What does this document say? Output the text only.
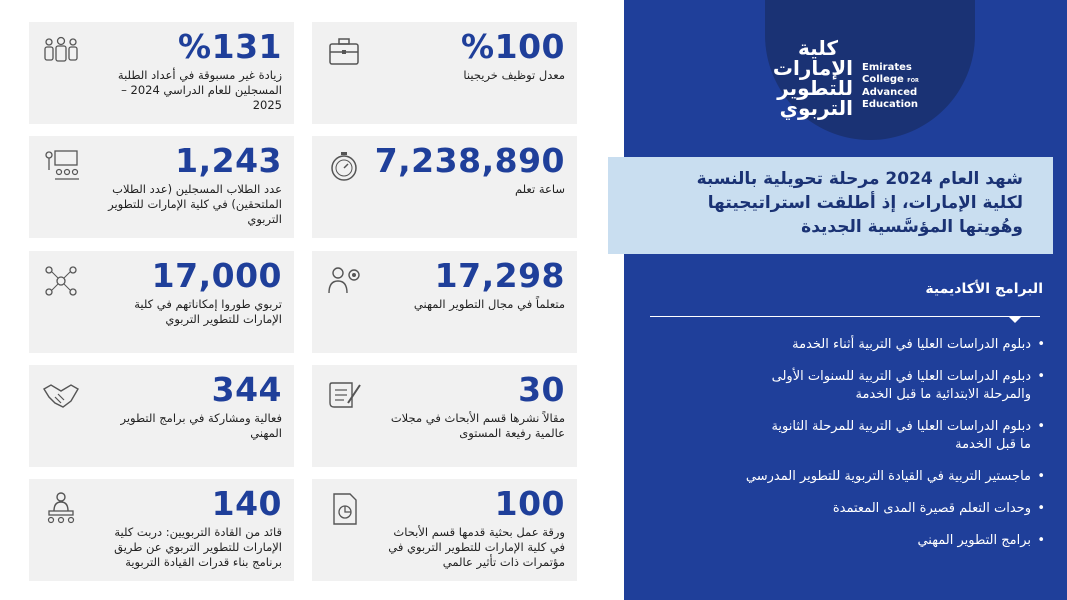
%100
معدل توظيف خريجينا
%131
زيادة غير مسبوقة في أعداد الطلبة المسجلين للعام الدراسي 2024 – 2025
7,238,890
ساعة تعلم
1,243
عدد الطلاب المسجلين (عدد الطلاب الملتحقين) في كلية الإمارات للتطوير التربوي
17,298
متعلماً في مجال التطوير المهني
17,000
تربوي طوروا إمكاناتهم في كلية الإمارات للتطوير التربوي
30
مقالاً نشرها قسم الأبحاث في مجلات عالمية رفيعة المستوى
344
فعالية ومشاركة في برامج التطوير المهني
100
ورقة عمل بحثية قدمها قسم الأبحاث في كلية الإمارات للتطوير التربوي في مؤتمرات ذات تأثير عالمي
140
قائد من القادة التربويين: دربت كلية الإمارات للتطوير التربوي عن طريق برنامج بناء قدرات القيادة التربوية
كلية الإمارات للتطوير التربوي
Emirates
College FOR
Advanced
Education
شهد العام 2024 مرحلة تحويلية بالنسبة
لكلية الإمارات، إذ أطلقت استراتيجيتها
وهُويتها المؤسَّسية الجديدة
البرامج الأكاديمية
• دبلوم الدراسات العليا في التربية أثناء الخدمة
• دبلوم الدراسات العليا في التربية للسنوات الأولى
والمرحلة الابتدائية ما قبل الخدمة
• دبلوم الدراسات العليا في التربية للمرحلة الثانوية
ما قبل الخدمة
• ماجستير التربية في القيادة التربوية للتطوير المدرسي
• وحدات التعلم قصيرة المدى المعتمدة
• برامج التطوير المهني
